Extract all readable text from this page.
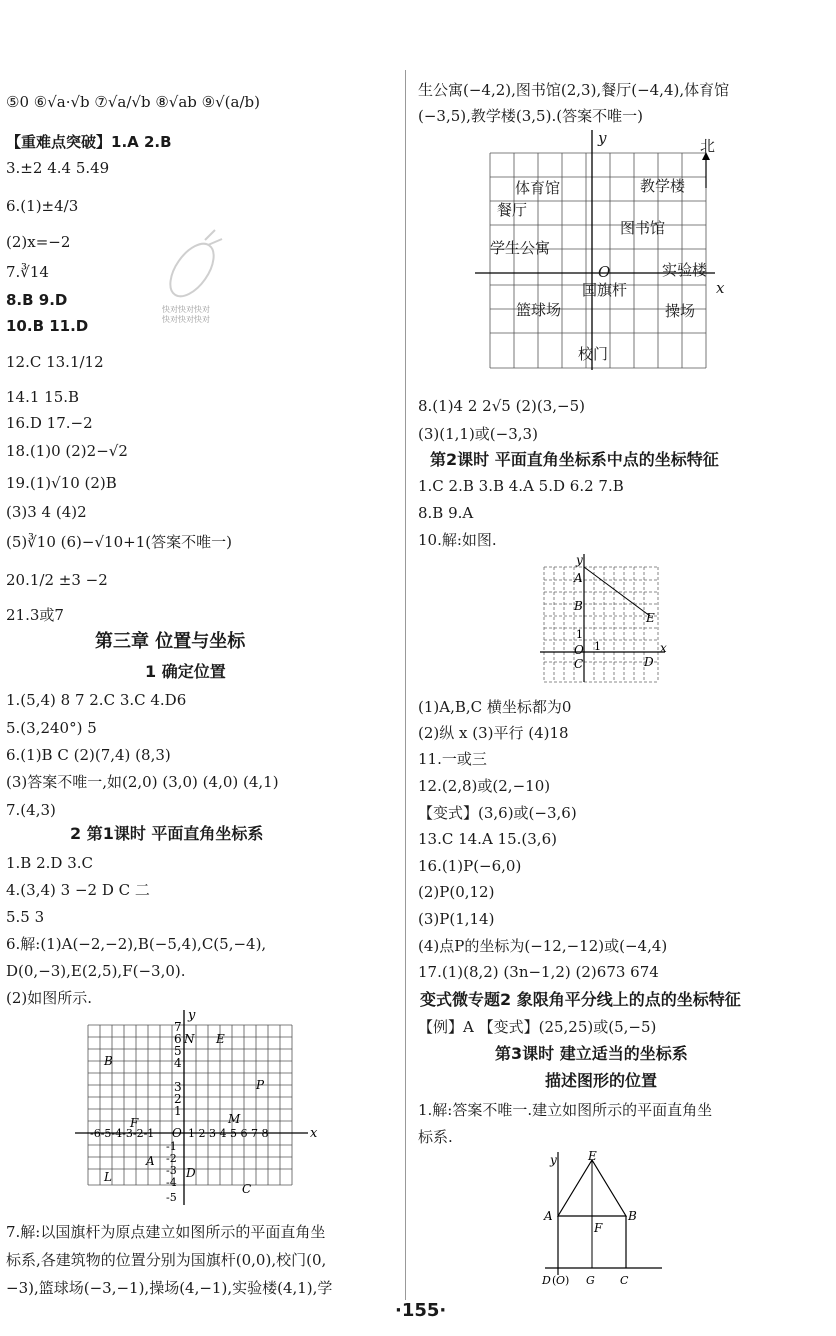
第三章 位置与坐标
1 确定位置
2 第1课时 平面直角坐标系
快对快对快对
快对快对快对
x
y
7
5
4
3
2
1
-6-5-4-3-2-1 O 1 2 3 4 5 6 7 8
-1
-2
-3
-4
-5
6 N E
B
P
F	M
A
D
L
C
y	北
体育馆	教学楼
餐厅
图书馆
学生公寓
O	实验楼
国旗杆	x
篮球场	操场
校门
第2课时 平面直角坐标系中点的坐标特征
y
x
A
B
E
1
O 1
C	D
变式微专题2 象限角平分线上的点的坐标特征
第3课时 建立适当的坐标系
描述图形的位置
y	E
A	B
F
D ( O ) G C
·155·
⑤0 ⑥√a·√b ⑦√a/√b ⑧√ab ⑨√(a/b)
【重难点突破】1.A 2.B
3.±2 4.4 5.49
6.(1)±4/3
(2)x=−2
7.∛14
8.B 9.D
10.B 11.D
12.C 13.1/12
14.1 15.B
16.D 17.−2
18.(1)0 (2)2−√2
19.(1)√10 (2)B
(3)3 4 (4)2
(5)∛10 (6)−√10+1(答案不唯一)
20.1/2 ±3 −2
21.3或7
1.(5,4) 8 7 2.C 3.C 4.D6
5.(3,240°) 5
6.(1)B C (2)(7,4) (8,3)
(3)答案不唯一,如(2,0) (3,0) (4,0) (4,1)
7.(4,3)
1.B 2.D 3.C
4.(3,4) 3 −2 D C 二
5.5 3
6.解:(1)A(−2,−2),B(−5,4),C(5,−4),
D(0,−3),E(2,5),F(−3,0).
(2)如图所示.
7.解:以国旗杆为原点建立如图所示的平面直角坐
标系,各建筑物的位置分别为国旗杆(0,0),校门(0,
−3),篮球场(−3,−1),操场(4,−1),实验楼(4,1),学
生公寓(−4,2),图书馆(2,3),餐厅(−4,4),体育馆
(−3,5),教学楼(3,5).(答案不唯一)
8.(1)4 2 2√5 (2)(3,−5)
(3)(1,1)或(−3,3)
1.C 2.B 3.B 4.A 5.D 6.2 7.B
8.B 9.A
10.解:如图.
(1)A,B,C 横坐标都为0
(2)纵 x (3)平行 (4)18
11.一或三
12.(2,8)或(2,−10)
【变式】(3,6)或(−3,6)
13.C 14.A 15.(3,6)
16.(1)P(−6,0)
(2)P(0,12)
(3)P(1,14)
(4)点P的坐标为(−12,−12)或(−4,4)
17.(1)(8,2) (3n−1,2) (2)673 674
【例】A 【变式】(25,25)或(5,−5)
1.解:答案不唯一.建立如图所示的平面直角坐
标系.
